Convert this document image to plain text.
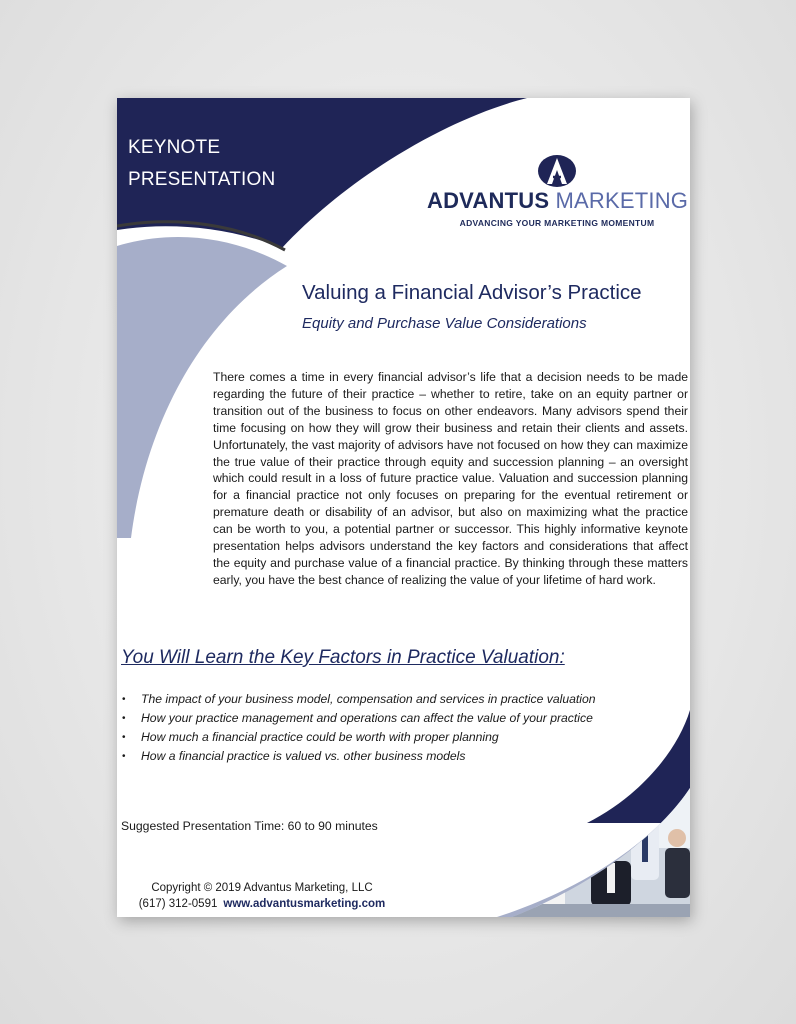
KEYNOTE
PRESENTATION
ADVANTUS MARKETING
ADVANCING YOUR MARKETING MOMENTUM
Valuing a Financial Advisor’s Practice
Equity and Purchase Value Considerations
There comes a time in every financial advisor’s life that a decision needs to be made regarding the future of their practice – whether to retire, take on an equity partner or transition out of the business to focus on other endeavors. Many advisors spend their time focusing on how they will grow their business and retain their clients and assets. Unfortunately, the vast majority of advisors have not focused on how they can maximize the true value of their practice through equity and succession planning – an oversight which could result in a loss of future practice value. Valuation and succession planning for a financial practice not only focuses on preparing for the eventual retirement or premature death or disability of an advisor, but also on maximizing what the practice can be worth to you, a potential partner or successor. This highly informative keynote presentation helps advisors understand the key factors and considerations that affect the equity and purchase value of a financial practice. By thinking through these matters early, you have the best chance of realizing the value of your lifetime of hard work.
You Will Learn the Key Factors in Practice Valuation:
• The impact of your business model, compensation and services in practice valuation
• How your practice management and operations can affect the value of your practice
• How much a financial practice could be worth with proper planning
• How a financial practice is valued vs. other business models
Suggested Presentation Time: 60 to 90 minutes
Copyright © 2019 Advantus Marketing, LLC
(617) 312-0591 www.advantusmarketing.com
